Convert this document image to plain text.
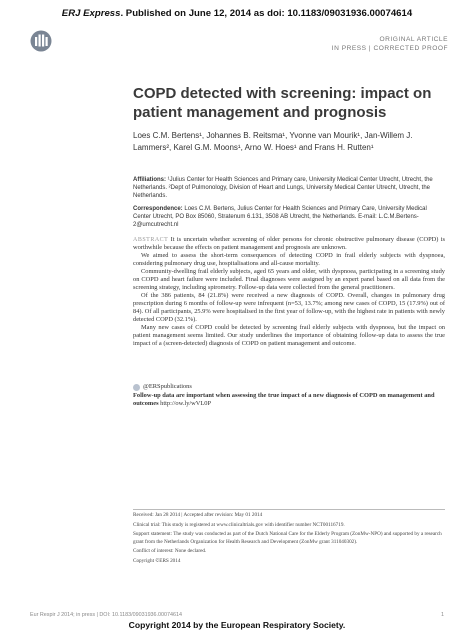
ERJ Express. Published on June 12, 2014 as doi: 10.1183/09031936.00074614
ORIGINAL ARTICLE
IN PRESS | CORRECTED PROOF
COPD detected with screening: impact on patient management and prognosis
Loes C.M. Bertens¹, Johannes B. Reitsma¹, Yvonne van Mourik¹, Jan-Willem J. Lammers², Karel G.M. Moons¹, Arno W. Hoes¹ and Frans H. Rutten¹
Affiliations: ¹Julius Center for Health Sciences and Primary care, University Medical Center Utrecht, Utrecht, the Netherlands. ²Dept of Pulmonology, Division of Heart and Lungs, University Medical Center Utrecht, Utrecht, the Netherlands.
Correspondence: Loes C.M. Bertens, Julius Center for Health Sciences and Primary Care, University Medical Center Utrecht, PO Box 85060, Stratenum 6.131, 3508 AB Utrecht, the Netherlands. E-mail: L.C.M.Bertens-2@umcutrecht.nl

ABSTRACT It is uncertain whether screening of older persons for chronic obstructive pulmonary disease (COPD) is worthwhile because the effects on patient management and prognosis are unknown.

We aimed to assess the short-term consequences of detecting COPD in frail elderly subjects with dyspnoea, considering pulmonary drug use, hospitalisations and all-cause mortality.

Community-dwelling frail elderly subjects, aged 65 years and older, with dyspnoea, participating in a screening study on COPD and heart failure were included. Final diagnoses were assigned by an expert panel based on all data from the screening strategy, including spirometry. Follow-up data were collected from the general practitioners.

Of the 386 patients, 84 (21.8%) were received a new diagnosis of COPD. Overall, changes in pulmonary drug prescription during 6 months of follow-up were infrequent (n=53, 13.7%; among new cases of COPD, 15 (17.9%) out of 84). Of all participants, 25.9% were hospitalised in the first year of follow-up, with the highest rate in patients with newly detected COPD (32.1%).

Many new cases of COPD could be detected by screening frail elderly subjects with dyspnoea, but the impact on patient management seems limited. Our study underlines the importance of obtaining follow-up data to assess the true impact of a (screen-detected) diagnosis of COPD on patient management and outcome.

@ERSpublications
Follow-up data are important when assessing the true impact of a new diagnosis of COPD on management and outcomes http://ow.ly/wVL0P

Received: Jan 28 2014 | Accepted after revision: May 01 2014

Clinical trial: This study is registered at www.clinicaltrials.gov with identifier number NCT00116719.

Support statement: The study was conducted as part of the Dutch National Care for the Elderly Program (ZonMw-NPO) and supported by a research grant from the Netherlands Organization for Health Research and Development (ZonMw grant 311040302).

Conflict of interest: None declared.

Copyright ©ERS 2014

Eur Respir J 2014; in press | DOI: 10.1183/09031936.00074614	1
Copyright 2014 by the European Respiratory Society.
